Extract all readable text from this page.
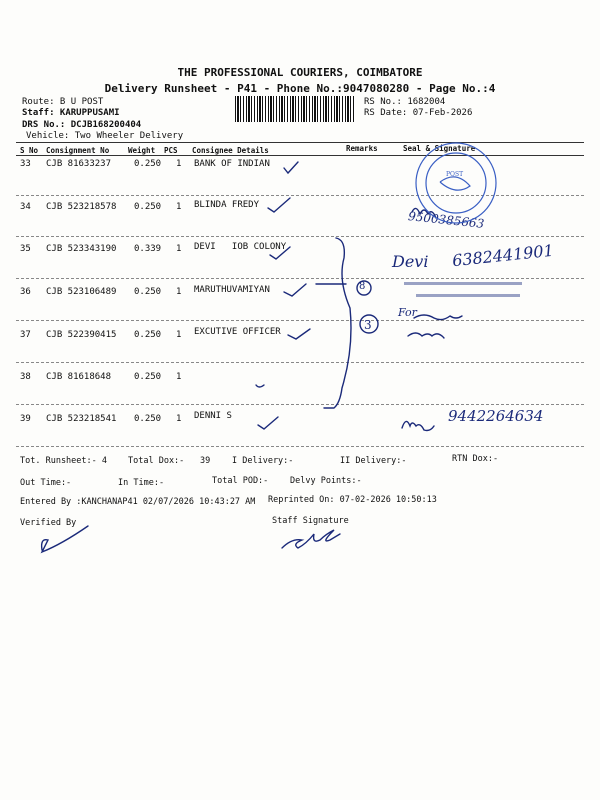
THE PROFESSIONAL COURIERS, COIMBATORE
Delivery Runsheet - P41 - Phone No.:9047080280 - Page No.:4
Route: B U POST
Staff: KARUPPUSAMI
DRS No.: DCJB168200404
Vehicle: Two Wheeler Delivery
RS No.: 1682004
RS Date: 07-Feb-2026
S No Consignment No	Weight PCS Consignee Details	Remarks	Seal & Signature
33 CJB 81633237	0.250 1 BANK OF INDIAN
34 CJB 523218578 0.250 1 BLINDA FREDY
35 CJB 523343190 0.339 1 DEVI   IOB COLONY
36 CJB 523106489 0.250 1 MARUTHUVAMIYAN
37 CJB 522390415 0.250 1 EXCUTIVE OFFICER
38 CJB 81618648	0.250 1
39 CJB 523218541 0.250 1 DENNI S
Tot. Runsheet:- 4 Total Dox:- 39	I Delivery:-	II Delivery:-	RTN Dox:-
Out Time:-	In Time:-	Total POD:-	Delvy Points:-
Entered By :KANCHANAP41 02/07/2026 10:43:27 AM Reprinted On: 07-02-2026 10:50:13
Verified By	Staff Signature
9500385663
Devi 6382441901
For
9442264634
8
3
POST
